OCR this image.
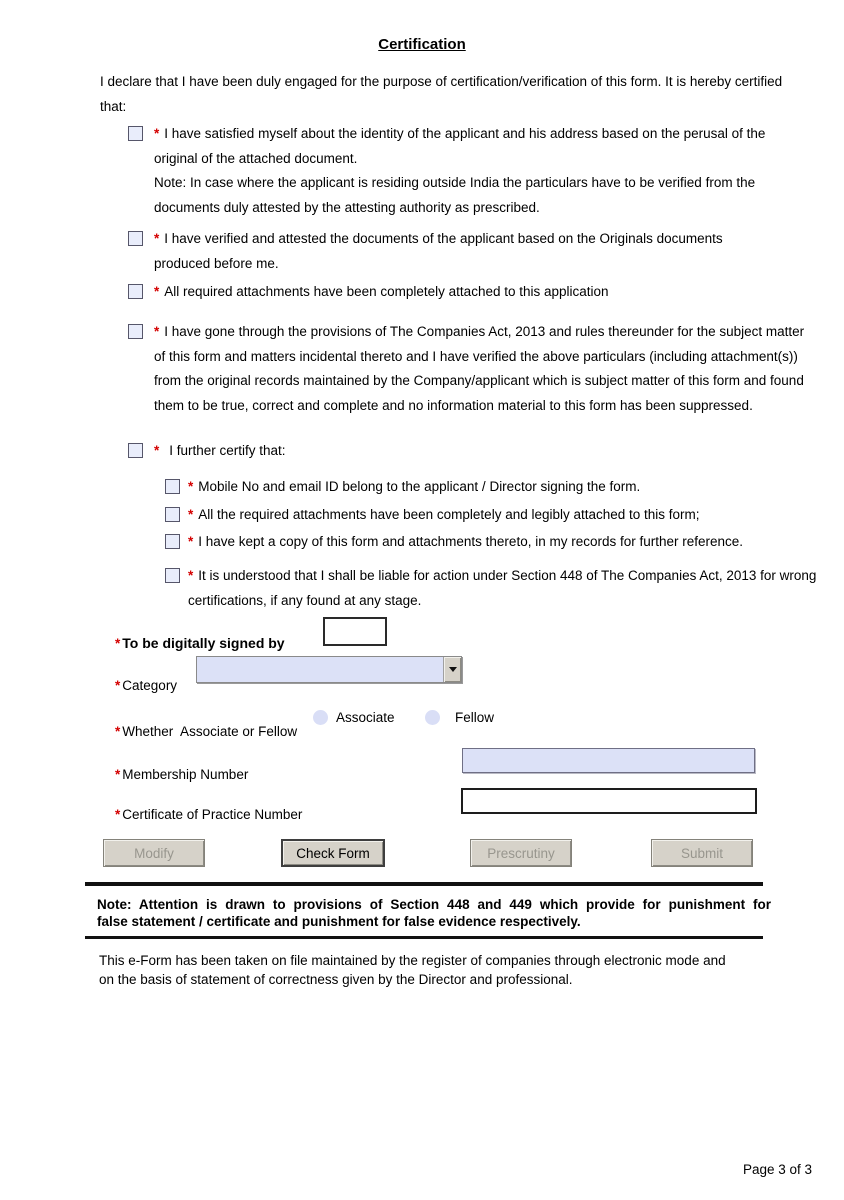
Certification
I declare that I have been duly engaged for the purpose of certification/verification of this form. It is hereby certified
that:
* I have satisfied myself about the identity of the applicant and his address based on the perusal of the
original of the attached document.
Note: In case where the applicant is residing outside India the particulars have to be verified from the
documents duly attested by the attesting authority as prescribed.
* I have verified and attested the documents of the applicant based on the Originals documents
produced before me.
* All required attachments have been completely attached to this application
* I have gone through the provisions of The Companies Act, 2013 and rules thereunder for the subject matter
of this form and matters incidental thereto and I have verified the above particulars (including attachment(s))
from the original records maintained by the Company/applicant which is subject matter of this form and found
them to be true, correct and complete and no information material to this form has been suppressed.
* I further certify that:
* Mobile No and email ID belong to the applicant / Director signing the form.
* All the required attachments have been completely and legibly attached to this form;
* I have kept a copy of this form and attachments thereto, in my records for further reference.
* It is understood that I shall be liable for action under Section 448 of The Companies Act, 2013 for wrong
certifications, if any found at any stage.

* To be digitally signed by

* Category

* Whether  Associate or Fellow

Associate	Fellow

* Membership Number

* Certificate of Practice Number

Modify	Check Form	Prescrutiny	Submit
Note: Attention is drawn to provisions of Section 448 and 449 which provide for punishment for
false statement / certificate and punishment for false evidence respectively.
This e-Form has been taken on file maintained by the register of companies through electronic mode and
on the basis of statement of correctness given by the Director and professional.
Page 3 of 3
